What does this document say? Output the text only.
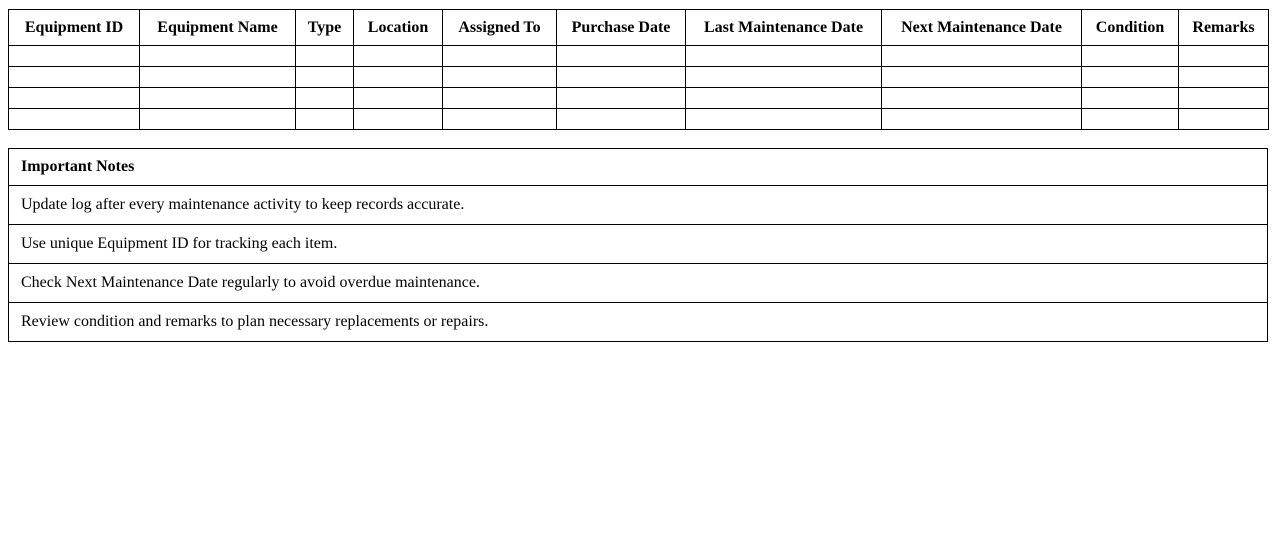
Equipment ID	Equipment Name	Type	Location	Assigned To	Purchase Date	Last Maintenance Date	Next Maintenance Date	Condition	Remarks

Important Notes
Update log after every maintenance activity to keep records accurate.
Use unique Equipment ID for tracking each item.
Check Next Maintenance Date regularly to avoid overdue maintenance.
Review condition and remarks to plan necessary replacements or repairs.
